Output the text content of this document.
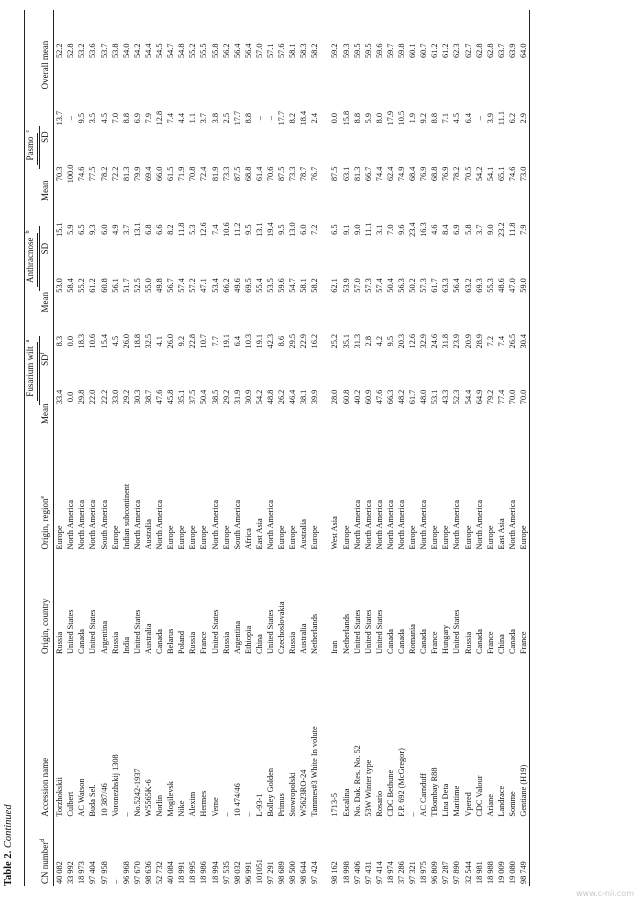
Table 2. Continued
				Fusarium wilt$^a$		Anthracnose$^b$		Pasmo$^c$	
CN number$^d$	Accession name	Origin, country	Origin, region$^e$	Mean	$SD^f$	Mean	SD	Mean	SD	Overall mean
40 082	Torzhokskii	Russia	Europe	33.4	8.3	53.0	15.1	70.3	13.7	52.2
33 992	Culbert	United States	North America	0.0	0.0	58.4	5.9	100.0	–	52.8
18 973	AC Watson	Canada	North America	29.8	18.3	55.2	6.5	74.6	9.5	53.2
97 404	Buda Sel.	United States	North America	22.0	10.6	61.2	9.3	77.5	3.5	53.6
97 958	10 387/46	Argentina	South America	22.2	15.4	60.8	6.0	78.2	4.5	53.7
–	Voronezhskij 1308	Russia	Europe	33.0	4.5	56.1	4.9	72.2	7.0	53.8
96 968	–	India	Indian subcontinent	29.2	26.0	51.7	3.7	81.3	8.8	54.0
97 670	No.5242-1937	United States	North America	30.3	18.8	52.5	13.1	79.9	6.9	54.2
98 636	W5565K-6	Australia	Australia	38.7	32.5	55.0	6.8	69.4	7.9	54.4
52 732	Norlin	Canada	North America	47.6	4.1	49.8	6.6	66.0	12.8	54.5
40 084	Mogilevsk	Belarus	Europe	45.8	26.0	56.7	8.2	61.5	7.4	54.7
18 991	Nike	Poland	Europe	35.1	9.2	57.4	11.8	71.9	4.4	54.8
18 995	Alexim	Russia	Europe	37.5	22.8	57.2	5.3	70.8	1.1	55.2
18 986	Hermes	France	Europe	50.4	10.7	47.1	12.6	72.4	3.7	55.5
18 994	Verne	United States	North America	38.5	7.7	53.4	7.4	81.9	3.8	55.8
97 535	–	Russia	Europe	29.2	19.1	66.2	10.6	73.3	2.5	56.2
98 032	10 474/46	Argentina	South America	31.9	6.4	49.6	11.2	87.5	17.7	56.4
96 991	–	Ethiopia	Africa	30.9	10.3	69.5	9.5	68.8	8.8	56.4
101051	L-93-1	China	East Asia	54.2	19.1	55.4	13.1	61.4	–	57.0
97 291	Bolley Golden	United States	North America	48.8	42.3	53.5	19.4	70.6	–	57.1
98 689	Primus	Czechoslovakia	Europe	26.2	8.6	59.6	9.5	87.5	17.7	57.6
98 500	Stowropolski	Russia	Europe	46.4	29.5	54.7	13.0	73.3	8.2	58.1
98 644	W5623RO-24	Australia	Australia	38.1	22.9	58.1	6.0	78.7	18.4	58.3
97 424	Tammes#3 White In volute	Netherlands	Europe	39.9	16.2	58.2	7.2	76.7	2.4	58.2

98 162	1713-5	Iran	West Asia	28.0	25.2	62.1	6.5	87.5	0.0	59.2
18 998	Escalina	Netherlands	Europe	60.8	35.1	53.9	9.1	63.1	15.8	59.3
97 406	No. Dak. Res. No. 52	United States	North America	40.2	31.3	57.0	9.0	81.3	8.8	59.5
97 431	53W Winter type	United States	North America	60.9	2.8	57.3	11.1	66.7	5.9	59.5
97 414	Rosario	United States	North America	47.6	4.2	57.4	3.1	74.4	8.0	59.6
18 974	CDC Bethune	Canada	North America	66.3	9.5	50.4	7.0	62.4	17.9	59.7
37 286	F.P. 692 (McGregor)	Canada	North America	48.2	20.3	56.3	9.6	74.9	10.5	59.8
97 321	–	Romania	Europe	61.7	12.6	50.2	23.4	68.4	1.9	60.1
18 975	AC Carnduff	Canada	North America	48.0	32.9	57.3	16.3	76.9	9.2	60.7
96 809	TBombay R88	France	Europe	53.1	24.6	61.7	4.6	68.8	8.8	61.2
97 287	Lina Deta	Hungary	Europe	43.3	31.8	63.3	8.4	76.9	7.1	61.2
97 890	Maritime	United States	North America	52.3	23.9	56.4	6.9	78.2	4.5	62.3
32 544	Vpered	Russia	Europe	54.4	20.9	63.2	5.8	70.5	6.4	62.7
18 981	CDC Valour	Canada	North America	64.9	28.9	69.3	3.7	54.2	–	62.8
18 988	Ariane	France	Europe	79.2	7.2	55.3	9.0	54.1	3.9	62.8
19 009	Landrace	China	East Asia	77.4	7.4	48.6	23.2	65.1	11.1	63.7
19 080	Somme	Canada	North America	70.0	26.5	47.0	11.8	74.6	6.2	63.9
98 749	Gentiane (H19)	France	Europe	70.0	30.4	59.0	7.9	73.0	2.9	64.0
www.c-nii.com
